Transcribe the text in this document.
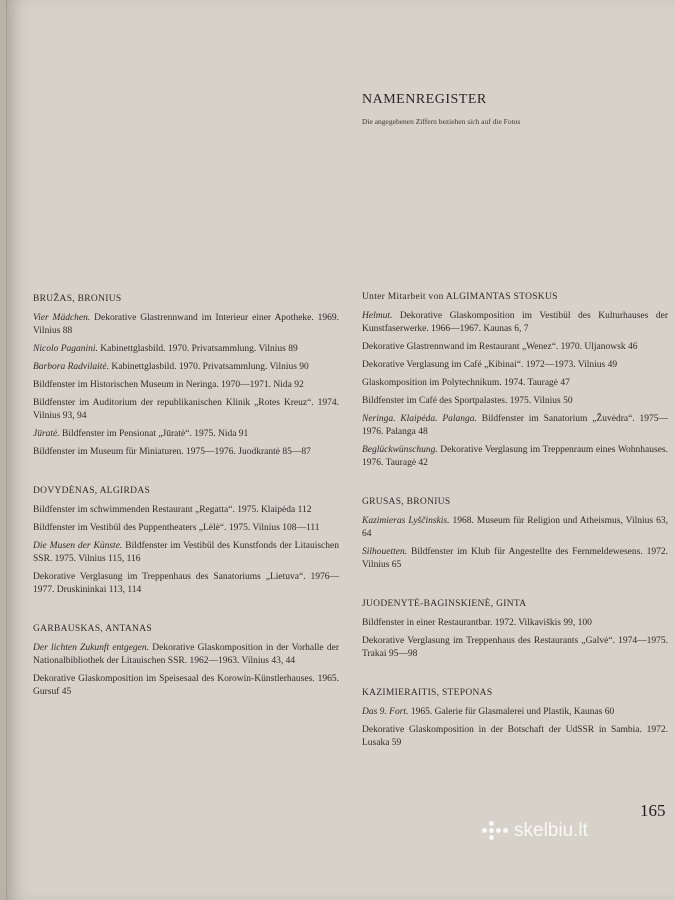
NAMENREGISTER
Die angegebenen Ziffern beziehen sich auf die Fotos
BRUŽAS, BRONIUS
Vier Mädchen. Dekorative Glastrennwand im Interieur einer Apotheke. 1969. Vilnius 88
Nicolo Paganini. Kabinettglasbild. 1970. Privatsammlung. Vilnius 89
Barbora Radvilaitė. Kabinettglasbild. 1970. Privatsammlung. Vilnius 90
Bildfenster im Historischen Museum in Neringa. 1970—1971. Nida 92
Bildfenster im Auditorium der republikanischen Klinik „Rotes Kreuz“. 1974. Vilnius 93, 94
Jūratė. Bildfenster im Pensionat „Jūratė“. 1975. Nida 91
Bildfenster im Museum für Miniaturen. 1975—1976. Juodkrantė 85—87
DOVYDĖNAS, ALGIRDAS
Bildfenster im schwimmenden Restaurant „Regatta“. 1975. Klaipėda 112
Bildfenster im Vestibül des Puppentheaters „Lėlė“. 1975. Vilnius 108—111
Die Musen der Künste. Bildfenster im Vestibül des Kunstfonds der Litauischen SSR. 1975. Vilnius 115, 116
Dekorative Verglasung im Treppenhaus des Sanatoriums „Lietuva“. 1976—1977. Druskininkai 113, 114
GARBAUSKAS, ANTANAS
Der lichten Zukunft entgegen. Dekorative Glaskomposition in der Vorhalle der Nationalbibliothek der Litauischen SSR. 1962—1963. Vilnius 43, 44
Dekorative Glaskomposition im Speisesaal des Korowin-Künstlerhauses. 1965. Gursuf 45
Unter Mitarbeit von ALGIMANTAS STOSKUS
Helmut. Dekorative Glaskomposition im Vestibül des Kulturhauses der Kunstfaserwerke. 1966—1967. Kaunas 6, 7
Dekorative Glastrennwand im Restaurant „Wenez“. 1970. Uljanowsk 46
Dekorative Verglasung im Café „Kibinai“. 1972—1973. Vilnius 49
Glaskomposition im Polytechnikum. 1974. Tauragė 47
Bildfenster im Café des Sportpalastes. 1975. Vilnius 50
Neringa. Klaipėda. Palanga. Bildfenster im Sanatorium „Žuvėdra“. 1975—1976. Palanga 48
Beglückwünschung. Dekorative Verglasung im Treppenraum eines Wohnhauses. 1976. Tauragė 42
GRUSAS, BRONIUS
Kazimieras Lyščinskis. 1968. Museum für Religion und Atheismus, Vilnius 63, 64
Silhouetten. Bildfenster im Klub für Angestellte des Fernmeldewesens. 1972. Vilnius 65
JUODENYTĖ-BAGINSKIENĖ, GINTA
Bildfenster in einer Restaurantbar. 1972. Vilkaviškis 99, 100
Dekorative Verglasung im Treppenhaus des Restaurants „Galvė“. 1974—1975. Trakai 95—98
KAZIMIERAITIS, STEPONAS
Das 9. Fort. 1965. Galerie für Glasmalerei und Plastik, Kaunas 60
Dekorative Glaskomposition in der Botschaft der UdSSR in Sambia. 1972. Lusaka 59
165
skelbiu.lt
